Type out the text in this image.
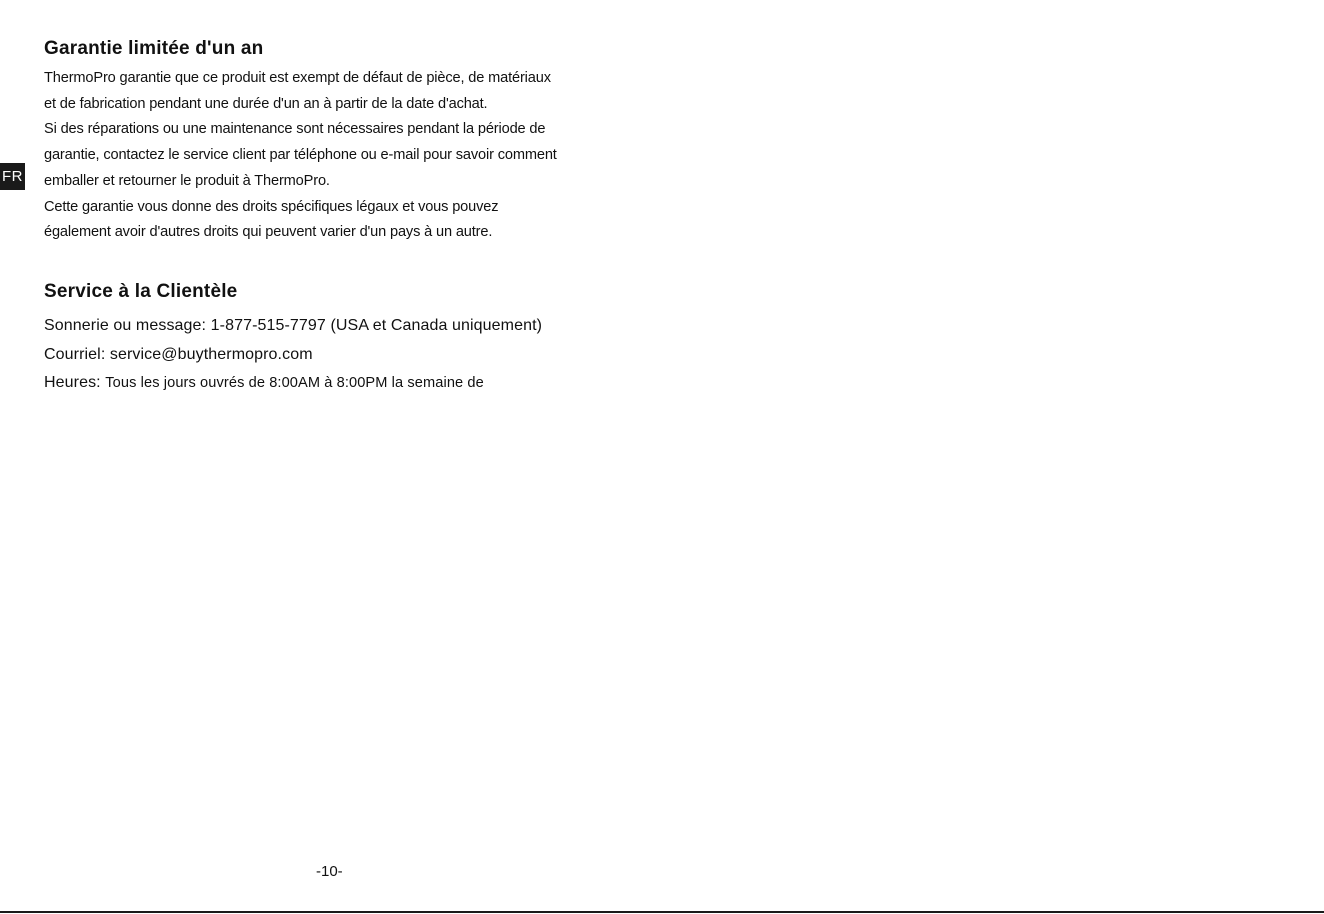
FR
Garantie limitée d'un an
ThermoPro garantie que ce produit est exempt de défaut de pièce, de matériaux
et de fabrication pendant une durée d'un an à partir de la date d'achat.
Si des réparations ou une maintenance sont nécessaires pendant la période de
garantie, contactez le service client par téléphone ou e-mail pour savoir comment
emballer et retourner le produit à ThermoPro.
Cette garantie vous donne des droits spécifiques légaux et vous pouvez
également avoir d'autres droits qui peuvent varier d'un pays à un autre.
Service à la Clientèle
Sonnerie ou message: 1-877-515-7797 (USA et Canada uniquement)
Courriel: service@buythermopro.com
Heures: Tous les jours ouvrés de 8:00AM à 8:00PM la semaine de
-10-
